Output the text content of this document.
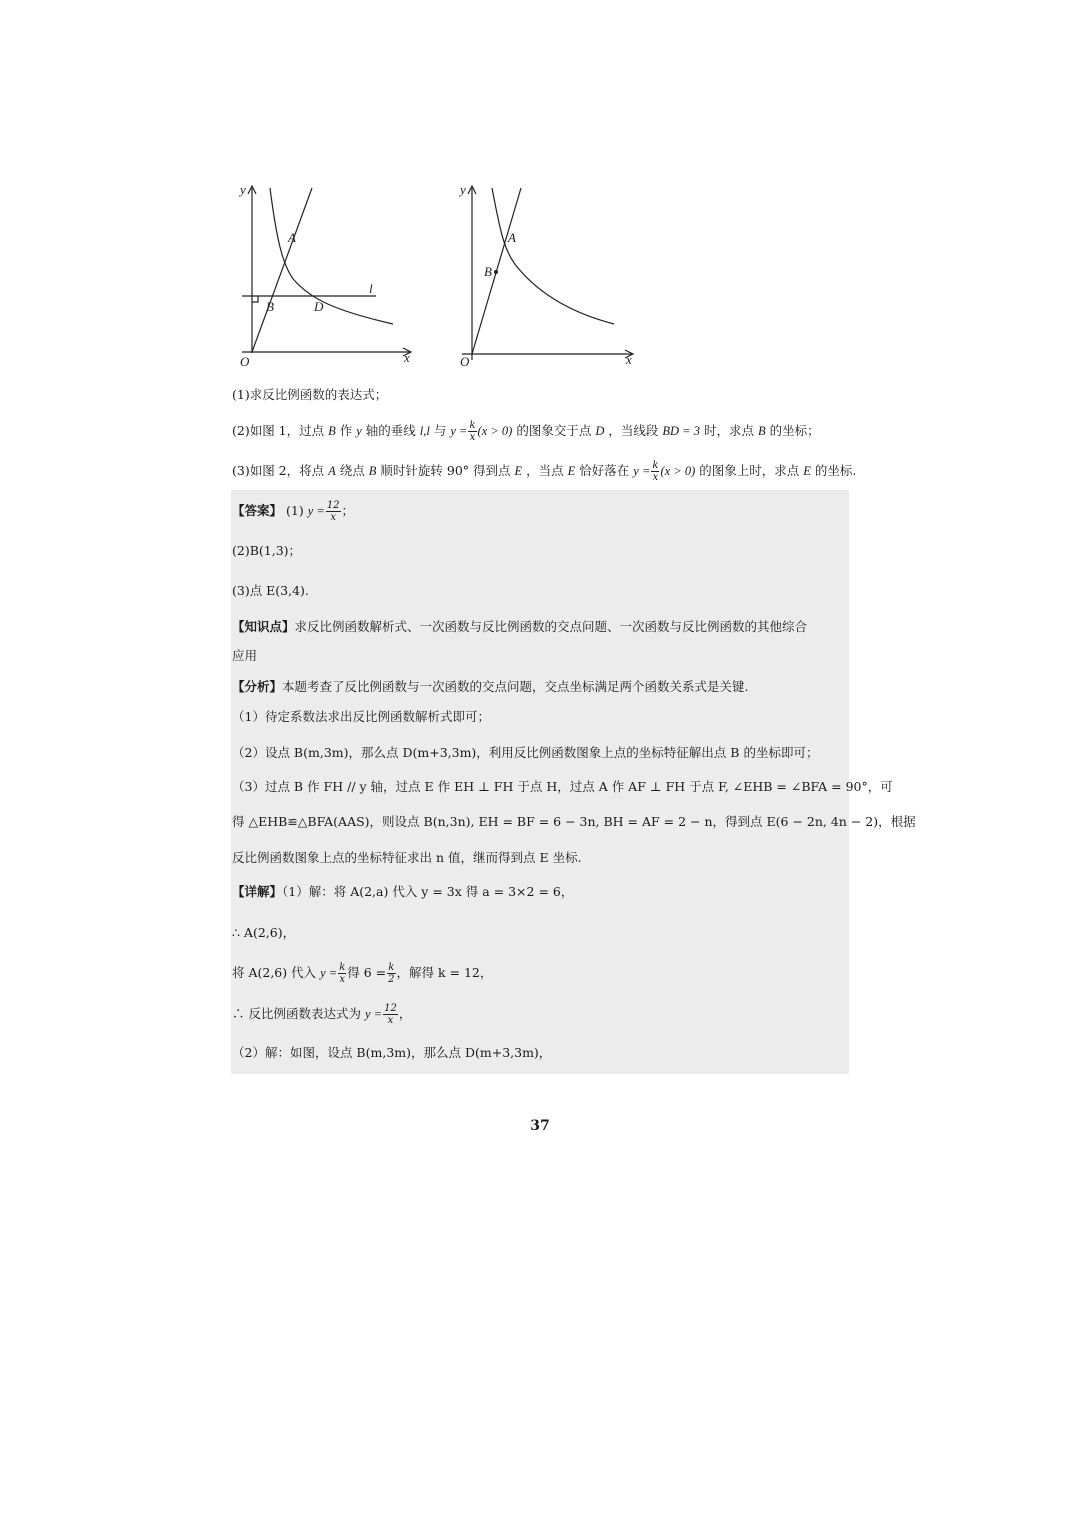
y
x
O
A
B	D
l
y
x
O
A
B
(1)求反比例函数的表达式；
(2)如图 1，过点 B 作 y 轴的垂线 l,l 与 $y = \frac{k}{x} (x > 0)$ 的图象交于点 D ，当线段 BD = 3 时，求点 B 的坐标；
(3)如图 2，将点 A 绕点 B 顺时针旋转 90° 得到点 E ，当点 E 恰好落在 $y = \frac{k}{x} (x > 0)$ 的图象上时，求点 E 的坐标.
【答案】 (1) $y = \frac{12}{x}$ ；
(2)B(1,3)；
(3)点 E(3,4).
【知识点】求反比例函数解析式、一次函数与反比例函数的交点问题、一次函数与反比例函数的其他综合
应用
【分析】本题考查了反比例函数与一次函数的交点问题，交点坐标满足两个函数关系式是关键.
（1）待定系数法求出反比例函数解析式即可；
（2）设点 B(m,3m)，那么点 D(m+3,3m)，利用反比例函数图象上点的坐标特征解出点 B 的坐标即可；
（3）过点 B 作 FH // y 轴，过点 E 作 EH ⊥ FH 于点 H，过点 A 作 AF ⊥ FH 于点 F, ∠EHB = ∠BFA = 90°，可
得 △EHB≌△BFA(AAS)，则设点 B(n,3n), EH = BF = 6 − 3n, BH = AF = 2 − n，得到点 E(6 − 2n, 4n − 2)，根据
反比例函数图象上点的坐标特征求出 n 值，继而得到点 E 坐标.
【详解】（1）解：将 A(2,a) 代入 y = 3x 得 a = 3×2 = 6，
∴ A(2,6)，
将 A(2,6) 代入 $y = \frac{k}{x}$ 得 $6 = \frac{k}{2}$ ，解得 k = 12，
∴ 反比例函数表达式为 $y = \frac{12}{x}$ ，
（2）解：如图，设点 B(m,3m)，那么点 D(m+3,3m)，
37
